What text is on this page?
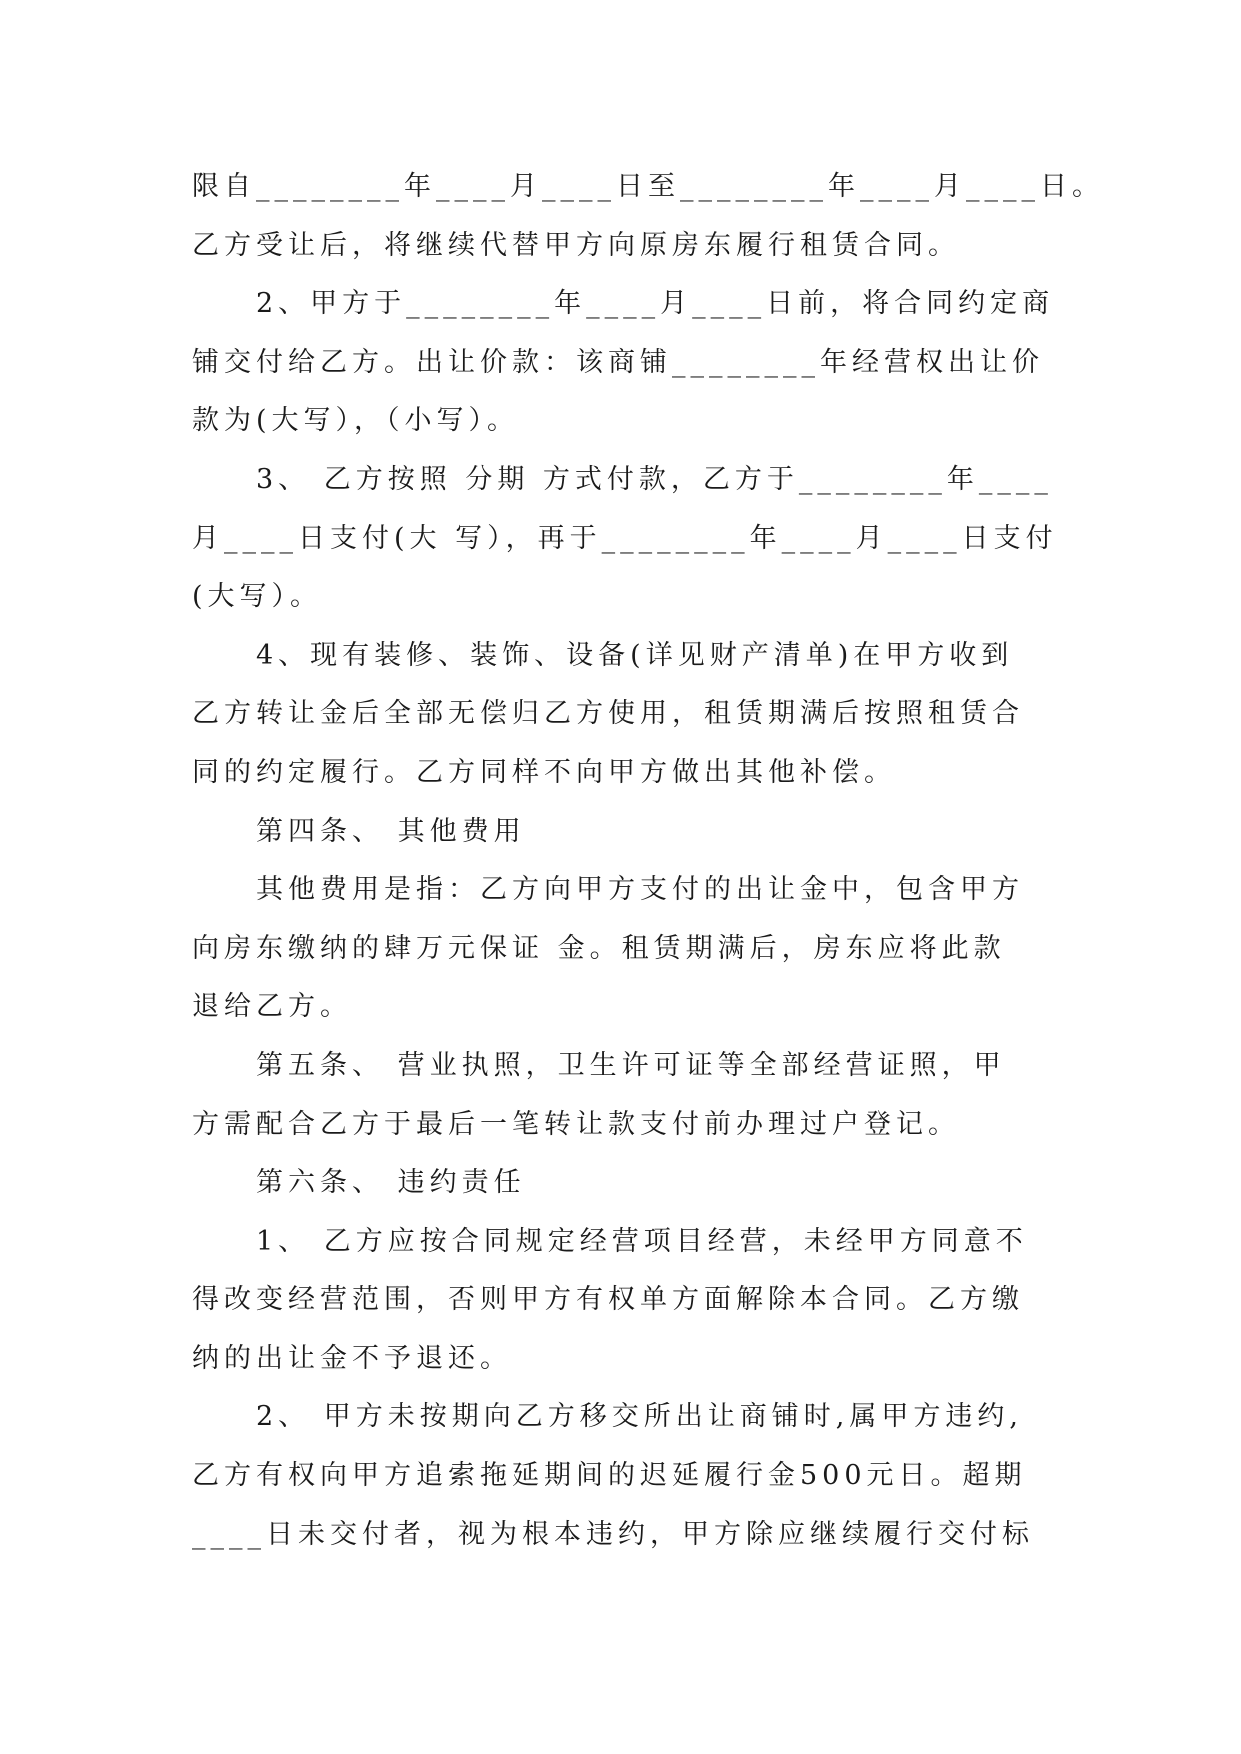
限自________年____月____日至________年____月____日。
乙方受让后，将继续代替甲方向原房东履行租赁合同。
2、甲方于________年____月____日前，将合同约定商
铺交付给乙方。出让价款：该商铺________年经营权出让价
款为(大写），（小写）。
3、 乙方按照 分期 方式付款，乙方于________年____
月____日支付(大 写），再于________年____月____日支付
(大写）。
4、现有装修、装饰、设备(详见财产清单)在甲方收到
乙方转让金后全部无偿归乙方使用，租赁期满后按照租赁合
同的约定履行。乙方同样不向甲方做出其他补偿。
第四条、 其他费用
其他费用是指：乙方向甲方支付的出让金中，包含甲方
向房东缴纳的肆万元保证 金。租赁期满后，房东应将此款
退给乙方。
第五条、 营业执照，卫生许可证等全部经营证照，甲
方需配合乙方于最后一笔转让款支付前办理过户登记。
第六条、 违约责任
1、 乙方应按合同规定经营项目经营，未经甲方同意不
得改变经营范围，否则甲方有权单方面解除本合同。乙方缴
纳的出让金不予退还。
2、 甲方未按期向乙方移交所出让商铺时,属甲方违约,
乙方有权向甲方追索拖延期间的迟延履行金500元日。超期
____日未交付者，视为根本违约，甲方除应继续履行交付标
